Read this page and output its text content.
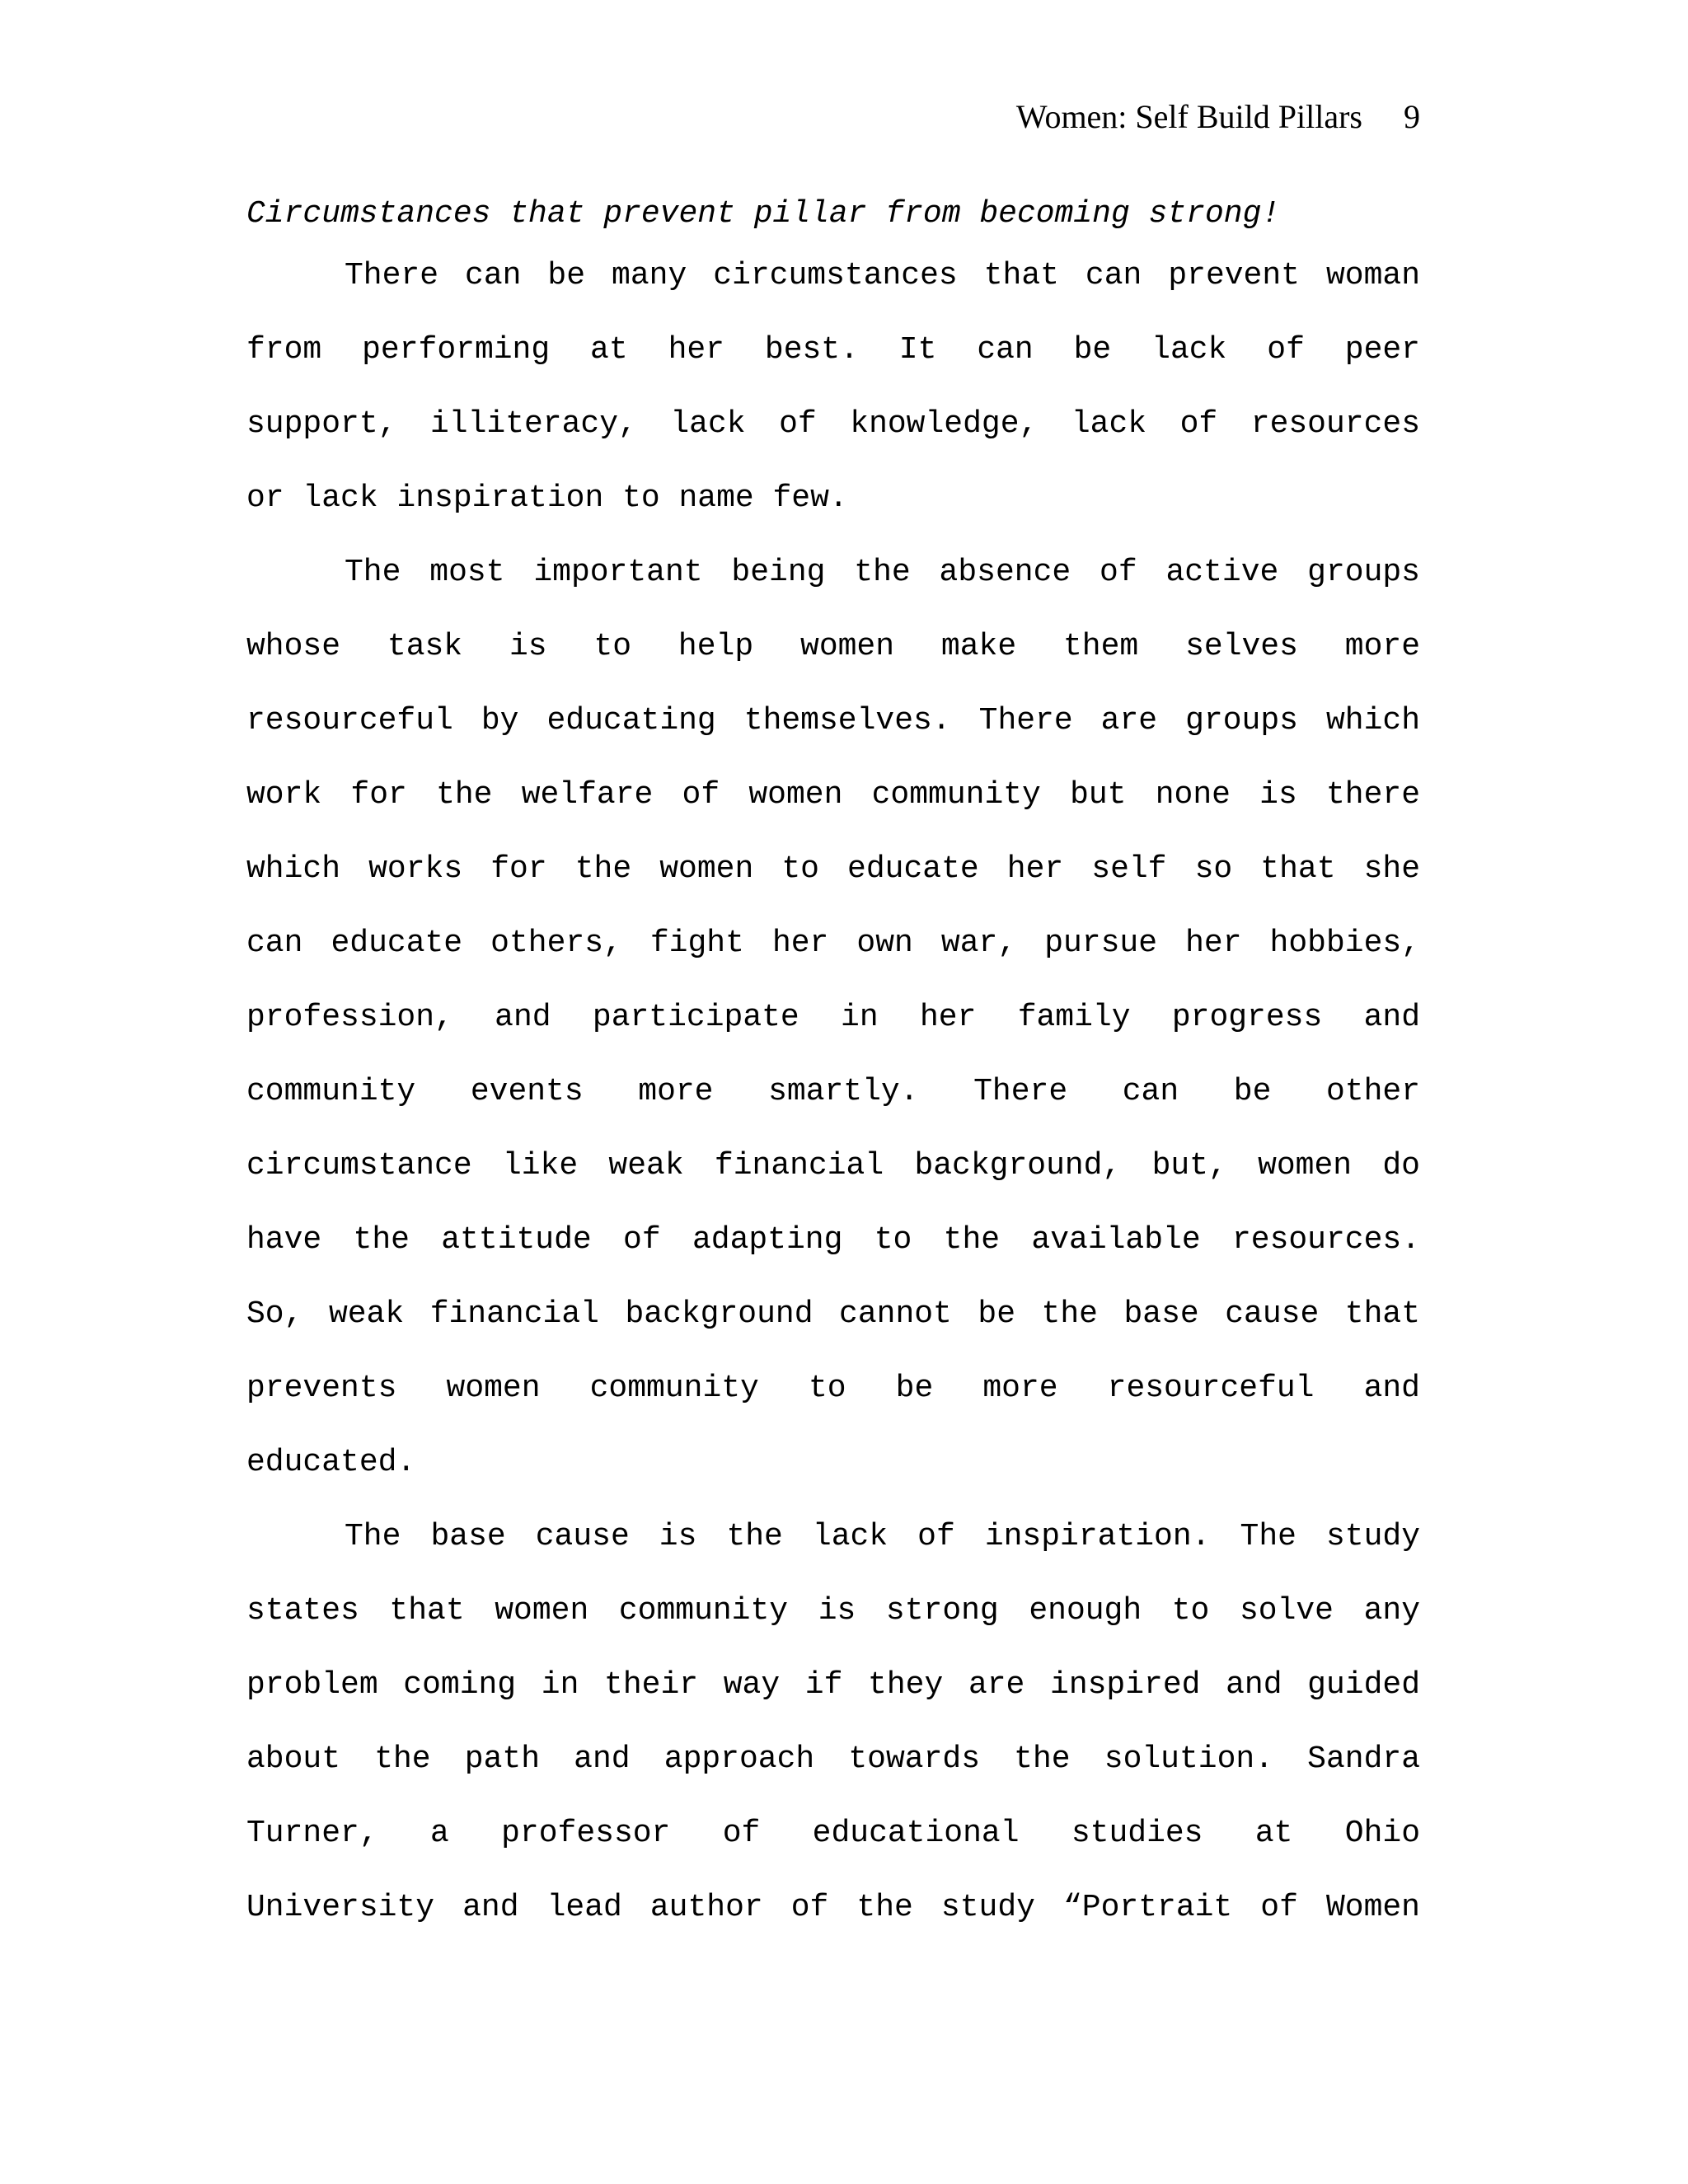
Women: Self Build Pillars 9
Circumstances that prevent pillar from becoming strong!
There can be many circumstances that can prevent woman
from performing at her best. It can be lack of peer
support, illiteracy, lack of knowledge, lack of resources
or lack inspiration to name few.
The most important being the absence of active groups
whose task is to help women make them selves more
resourceful by educating themselves. There are groups which
work for the welfare of women community but none is there
which works for the women to educate her self so that she
can educate others, fight her own war, pursue her hobbies,
profession, and participate in her family progress and
community events more smartly. There can be other
circumstance like weak financial background, but, women do
have the attitude of adapting to the available resources.
So, weak financial background cannot be the base cause that
prevents women community to be more resourceful and
educated.
The base cause is the lack of inspiration. The study
states that women community is strong enough to solve any
problem coming in their way if they are inspired and guided
about the path and approach towards the solution. Sandra
Turner, a professor of educational studies at Ohio
University and lead author of the study “Portrait of Women
